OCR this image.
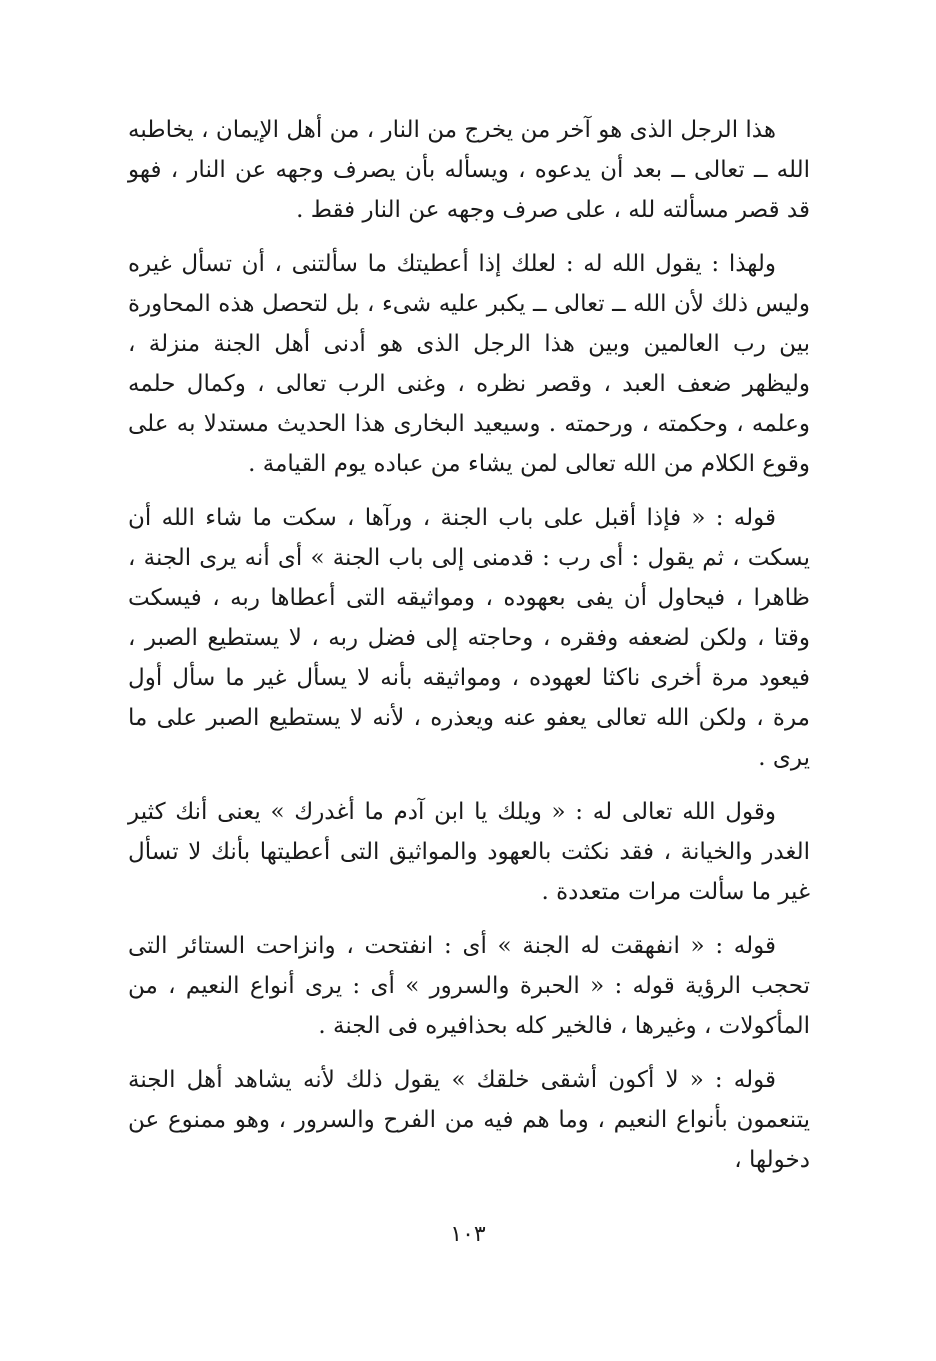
هذا الرجل الذى هو آخر من يخرج من النار ، من أهل الإيمان ، يخاطبه الله ــ تعالى ــ بعد أن يدعوه ، ويسأله بأن يصرف وجهه عن النار ، فهو قد قصر مسألته لله ، على صرف وجهه عن النار فقط .

ولهذا : يقول الله له : لعلك إذا أعطيتك ما سألتنى ، أن تسأل غيره وليس ذلك لأن الله ــ تعالى ــ يكبر عليه شىء ، بل لتحصل هذه المحاورة بين رب العالمين وبين هذا الرجل الذى هو أدنى أهل الجنة منزلة ، وليظهر ضعف العبد ، وقصر نظره ، وغنى الرب تعالى ، وكمال حلمه وعلمه ، وحكمته ، ورحمته . وسيعيد البخارى هذا الحديث مستدلا به على وقوع الكلام من الله تعالى لمن يشاء من عباده يوم القيامة .

قوله : « فإذا أقبل على باب الجنة ، ورآها ، سكت ما شاء الله أن يسكت ، ثم يقول : أى رب : قدمنى إلى باب الجنة » أى أنه يرى الجنة ، ظاهرا ، فيحاول أن يفى بعهوده ، ومواثيقه التى أعطاها ربه ، فيسكت وقتا ، ولكن لضعفه وفقره ، وحاجته إلى فضل ربه ، لا يستطيع الصبر ، فيعود مرة أخرى ناكثا لعهوده ، ومواثيقه بأنه لا يسأل غير ما سأل أول مرة ، ولكن الله تعالى يعفو عنه ويعذره ، لأنه لا يستطيع الصبر على ما يرى .

وقول الله تعالى له : « ويلك يا ابن آدم ما أغدرك » يعنى أنك كثير الغدر والخيانة ، فقد نكثت بالعهود والمواثيق التى أعطيتها بأنك لا تسأل غير ما سألت مرات متعددة .

قوله : « انفهقت له الجنة » أى : انفتحت ، وانزاحت الستائر التى تحجب الرؤية قوله : « الحبرة والسرور » أى : يرى أنواع النعيم ، من المأكولات ، وغيرها ، فالخير كله بحذافيره فى الجنة .

قوله : « لا أكون أشقى خلقك » يقول ذلك لأنه يشاهد أهل الجنة يتنعمون بأنواع النعيم ، وما هم فيه من الفرح والسرور ، وهو ممنوع عن دخولها ،

١٠٣
